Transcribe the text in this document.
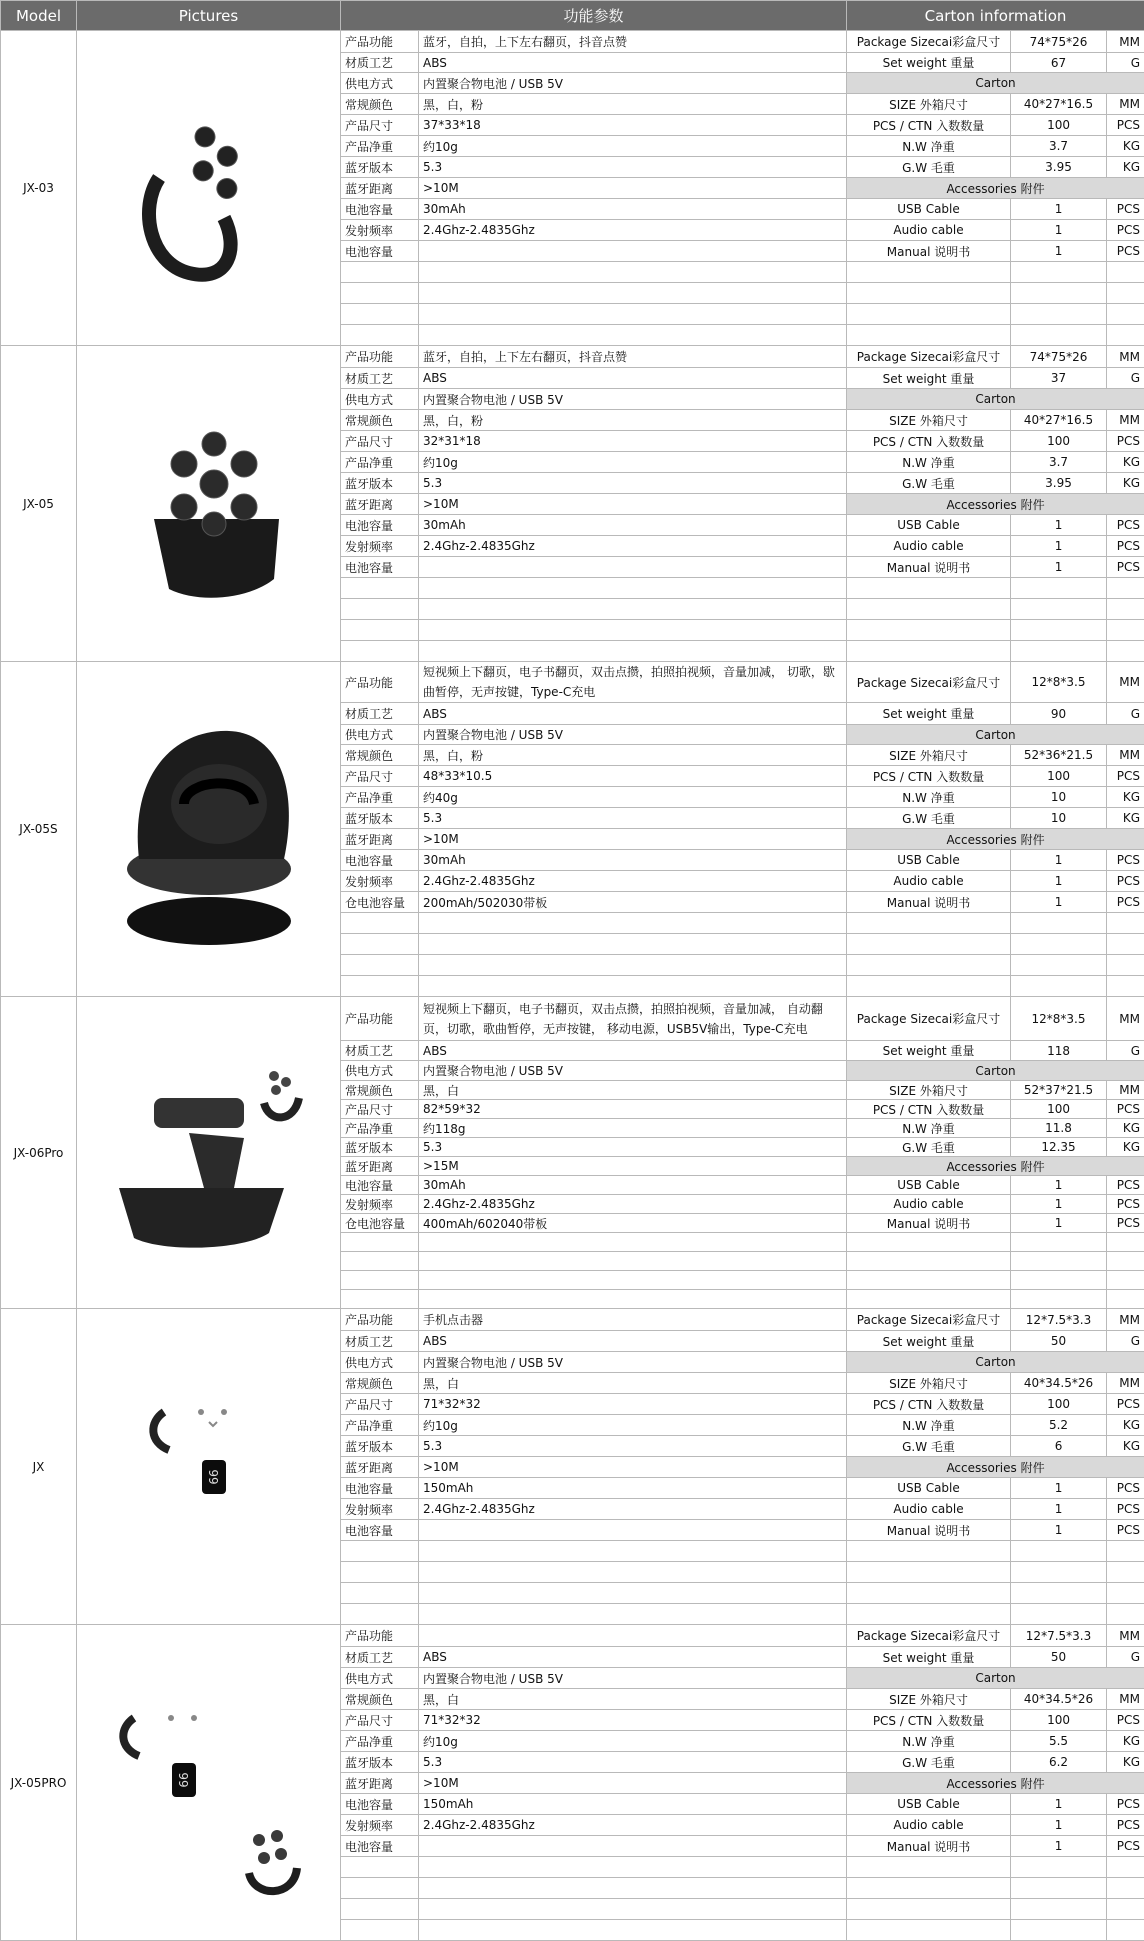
Model	Pictures	功能参数		Carton information		
JX-03		产品功能	蓝牙，自拍，上下左右翻页，抖音点赞	Package Sizecai彩盒尺寸	74*75*26	MM
		材质工艺	ABS	Set weight 重量	67	G
		供电方式	内置聚合物电池 / USB 5V	Carton		
		常规颜色	黑，白，粉	SIZE 外箱尺寸	40*27*16.5	MM
		产品尺寸	37*33*18	PCS / CTN 入数数量	100	PCS
		产品净重	约10g	N.W 净重	3.7	KG
		蓝牙版本	5.3	G.W 毛重	3.95	KG
		蓝牙距离	>10M	Accessories 附件		
		电池容量	30mAh	USB Cable	1	PCS
		发射频率	2.4Ghz-2.4835Ghz	Audio cable	1	PCS
		电池容量		Manual 说明书	1	PCS

JX-05		产品功能	蓝牙，自拍，上下左右翻页，抖音点赞	Package Sizecai彩盒尺寸	74*75*26	MM
		材质工艺	ABS	Set weight 重量	37	G
		供电方式	内置聚合物电池 / USB 5V	Carton		
		常规颜色	黑，白，粉	SIZE 外箱尺寸	40*27*16.5	MM
		产品尺寸	32*31*18	PCS / CTN 入数数量	100	PCS
		产品净重	约10g	N.W 净重	3.7	KG
		蓝牙版本	5.3	G.W 毛重	3.95	KG
		蓝牙距离	>10M	Accessories 附件		
		电池容量	30mAh	USB Cable	1	PCS
		发射频率	2.4Ghz-2.4835Ghz	Audio cable	1	PCS
		电池容量		Manual 说明书	1	PCS

JX-05S		产品功能	短视频上下翻页，电子书翻页，双击点攒，拍照拍视频，音量加减， 切歌，歇曲暂停，无声按键，Type-C充电	Package Sizecai彩盒尺寸	12*8*3.5	MM
		材质工艺	ABS	Set weight 重量	90	G
		供电方式	内置聚合物电池 / USB 5V	Carton		
		常规颜色	黑，白，粉	SIZE 外箱尺寸	52*36*21.5	MM
		产品尺寸	48*33*10.5	PCS / CTN 入数数量	100	PCS
		产品净重	约40g	N.W 净重	10	KG
		蓝牙版本	5.3	G.W 毛重	10	KG
		蓝牙距离	>10M	Accessories 附件		
		电池容量	30mAh	USB Cable	1	PCS
		发射频率	2.4Ghz-2.4835Ghz	Audio cable	1	PCS
		仓电池容量	200mAh/502030带板	Manual 说明书	1	PCS

JX-06Pro		产品功能	短视频上下翻页，电子书翻页，双击点攒，拍照拍视频，音量加减， 自动翻页，切歌，歌曲暂停，无声按键， 移动电源，USB5V输出，Type-C充电	Package Sizecai彩盒尺寸	12*8*3.5	MM
		材质工艺	ABS	Set weight 重量	118	G
		供电方式	内置聚合物电池 / USB 5V	Carton		
		常规颜色	黑，白	SIZE 外箱尺寸	52*37*21.5	MM
		产品尺寸	82*59*32	PCS / CTN 入数数量	100	PCS
		产品净重	约118g	N.W 净重	11.8	KG
		蓝牙版本	5.3	G.W 毛重	12.35	KG
		蓝牙距离	>15M	Accessories 附件		
		电池容量	30mAh	USB Cable	1	PCS
		发射频率	2.4Ghz-2.4835Ghz	Audio cable	1	PCS
		仓电池容量	400mAh/602040带板	Manual 说明书	1	PCS

JX	99	产品功能	手机点击器	Package Sizecai彩盒尺寸	12*7.5*3.3	MM
		材质工艺	ABS	Set weight 重量	50	G
		供电方式	内置聚合物电池 / USB 5V	Carton		
		常规颜色	黑，白	SIZE 外箱尺寸	40*34.5*26	MM
		产品尺寸	71*32*32	PCS / CTN 入数数量	100	PCS
		产品净重	约10g	N.W 净重	5.2	KG
		蓝牙版本	5.3	G.W 毛重	6	KG
		蓝牙距离	>10M	Accessories 附件		
		电池容量	150mAh	USB Cable	1	PCS
		发射频率	2.4Ghz-2.4835Ghz	Audio cable	1	PCS
		电池容量		Manual 说明书	1	PCS

JX-05PRO	99	产品功能		Package Sizecai彩盒尺寸	12*7.5*3.3	MM
		材质工艺	ABS	Set weight 重量	50	G
		供电方式	内置聚合物电池 / USB 5V	Carton		
		常规颜色	黑，白	SIZE 外箱尺寸	40*34.5*26	MM
		产品尺寸	71*32*32	PCS / CTN 入数数量	100	PCS
		产品净重	约10g	N.W 净重	5.5	KG
		蓝牙版本	5.3	G.W 毛重	6.2	KG
		蓝牙距离	>10M	Accessories 附件		
		电池容量	150mAh	USB Cable	1	PCS
		发射频率	2.4Ghz-2.4835Ghz	Audio cable	1	PCS
		电池容量		Manual 说明书	1	PCS
